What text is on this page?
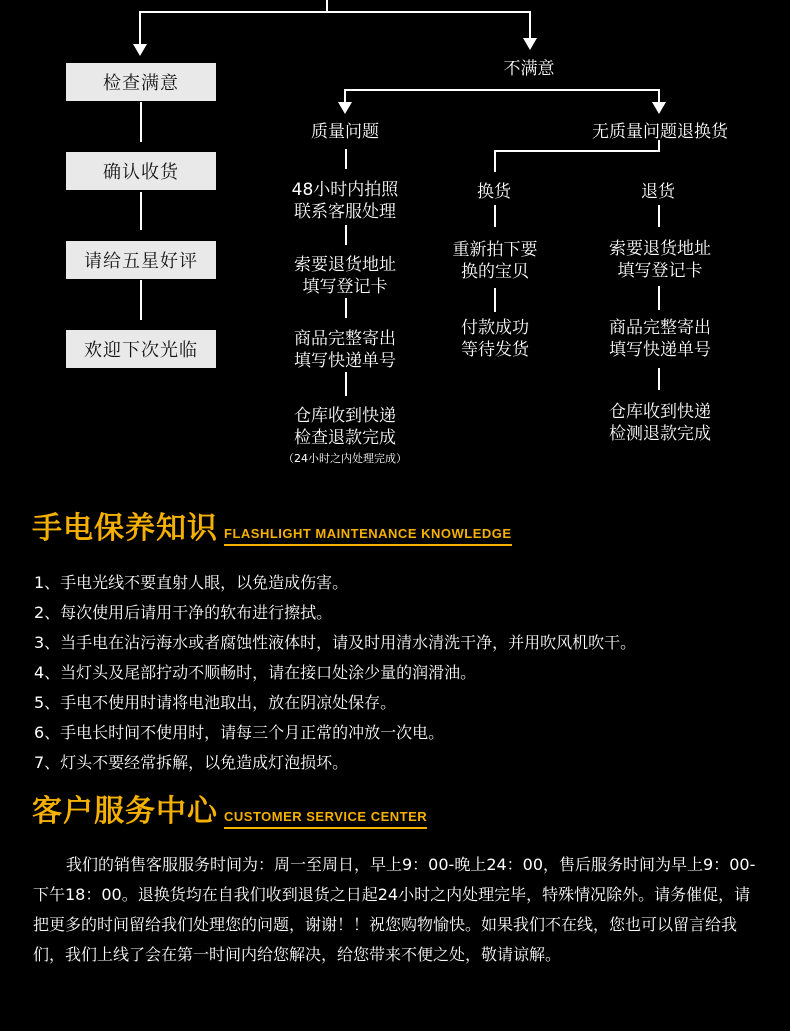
检查满意
确认收货
请给五星好评
欢迎下次光临
不满意
质量问题
48小时内拍照
联系客服处理
索要退货地址
填写登记卡
商品完整寄出
填写快递单号
仓库收到快递
检查退款完成
（24小时之内处理完成）
无质量问题退换货
换货
重新拍下要
换的宝贝
付款成功
等待发货
退货
索要退货地址
填写登记卡
商品完整寄出
填写快递单号
仓库收到快递
检测退款完成
手电保养知识 FLASHLIGHT MAINTENANCE KNOWLEDGE
1、手电光线不要直射人眼，以免造成伤害。
2、每次使用后请用干净的软布进行擦拭。
3、当手电在沾污海水或者腐蚀性液体时，请及时用清水清洗干净，并用吹风机吹干。
4、当灯头及尾部拧动不顺畅时，请在接口处涂少量的润滑油。
5、手电不使用时请将电池取出，放在阴凉处保存。
6、手电长时间不使用时，请每三个月正常的冲放一次电。
7、灯头不要经常拆解，以免造成灯泡损坏。
客户服务中心 CUSTOMER SERVICE CENTER

我们的销售客服服务时间为：周一至周日，早上9：00-晚上24：00，售后服务时间为早上9：00-下午18：00。退换货均在自我们收到退货之日起24小时之内处理完毕，特殊情况除外。请务催促，请把更多的时间留给我们处理您的问题，谢谢！！祝您购物愉快。如果我们不在线，您也可以留言给我们，我们上线了会在第一时间内给您解决，给您带来不便之处，敬请谅解。
